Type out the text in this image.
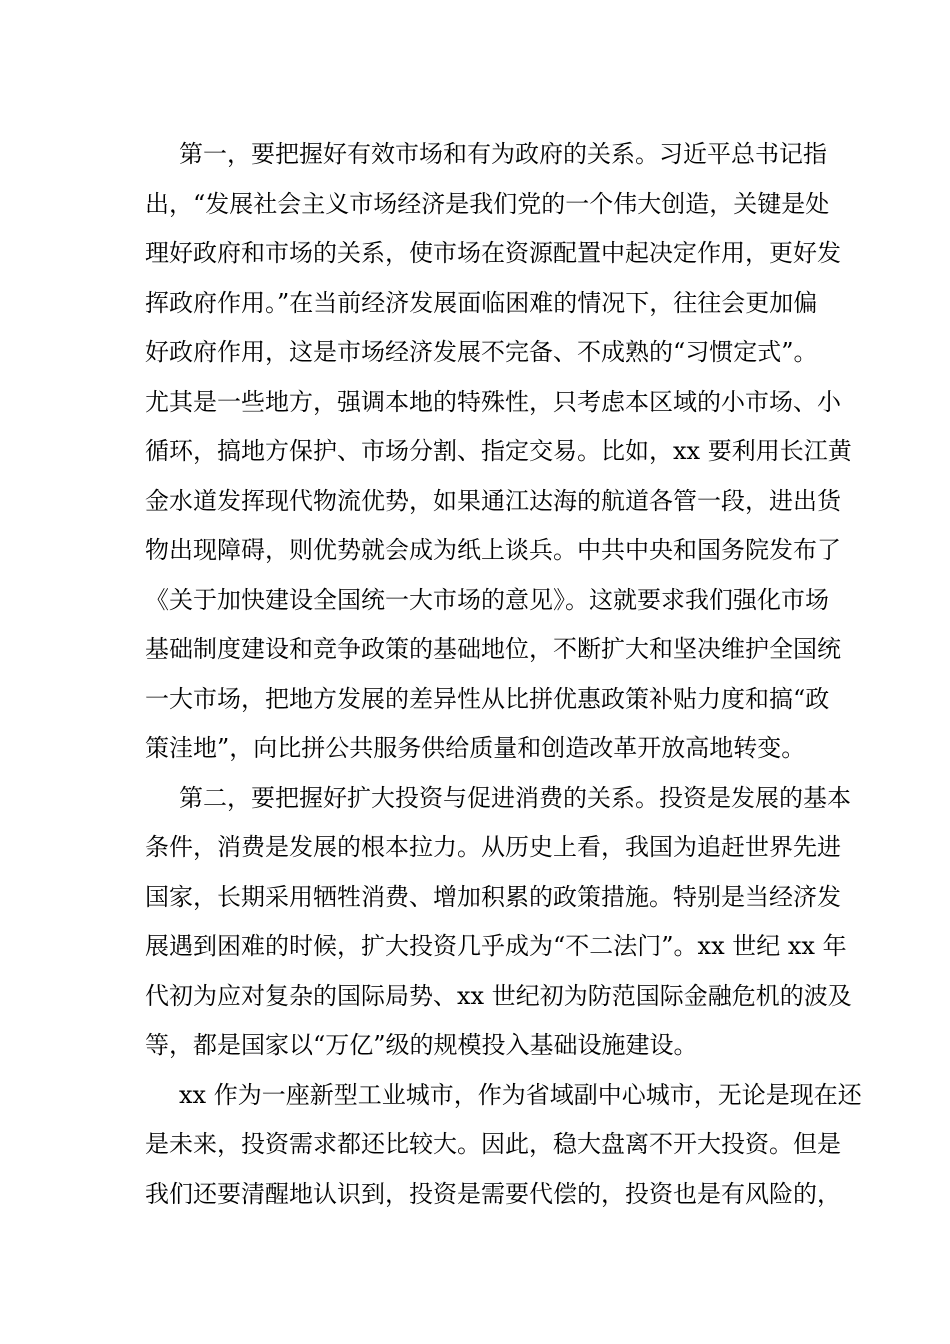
第一，要把握好有效市场和有为政府的关系。习近平总书记指
出，“发展社会主义市场经济是我们党的一个伟大创造，关键是处
理好政府和市场的关系，使市场在资源配置中起决定作用，更好发
挥政府作用。”在当前经济发展面临困难的情况下，往往会更加偏
好政府作用，这是市场经济发展不完备、不成熟的“习惯定式”。
尤其是一些地方，强调本地的特殊性，只考虑本区域的小市场、小
循环，搞地方保护、市场分割、指定交易。比如，xx 要利用长江黄
金水道发挥现代物流优势，如果通江达海的航道各管一段，进出货
物出现障碍，则优势就会成为纸上谈兵。中共中央和国务院发布了
《关于加快建设全国统一大市场的意见》。这就要求我们强化市场
基础制度建设和竞争政策的基础地位，不断扩大和坚决维护全国统
一大市场，把地方发展的差异性从比拼优惠政策补贴力度和搞“政
策洼地”，向比拼公共服务供给质量和创造改革开放高地转变。
第二，要把握好扩大投资与促进消费的关系。投资是发展的基本
条件，消费是发展的根本拉力。从历史上看，我国为追赶世界先进
国家，长期采用牺牲消费、增加积累的政策措施。特别是当经济发
展遇到困难的时候，扩大投资几乎成为“不二法门”。xx 世纪 xx 年
代初为应对复杂的国际局势、xx 世纪初为防范国际金融危机的波及
等，都是国家以“万亿”级的规模投入基础设施建设。
xx 作为一座新型工业城市，作为省域副中心城市，无论是现在还
是未来，投资需求都还比较大。因此，稳大盘离不开大投资。但是
我们还要清醒地认识到，投资是需要代偿的，投资也是有风险的，
